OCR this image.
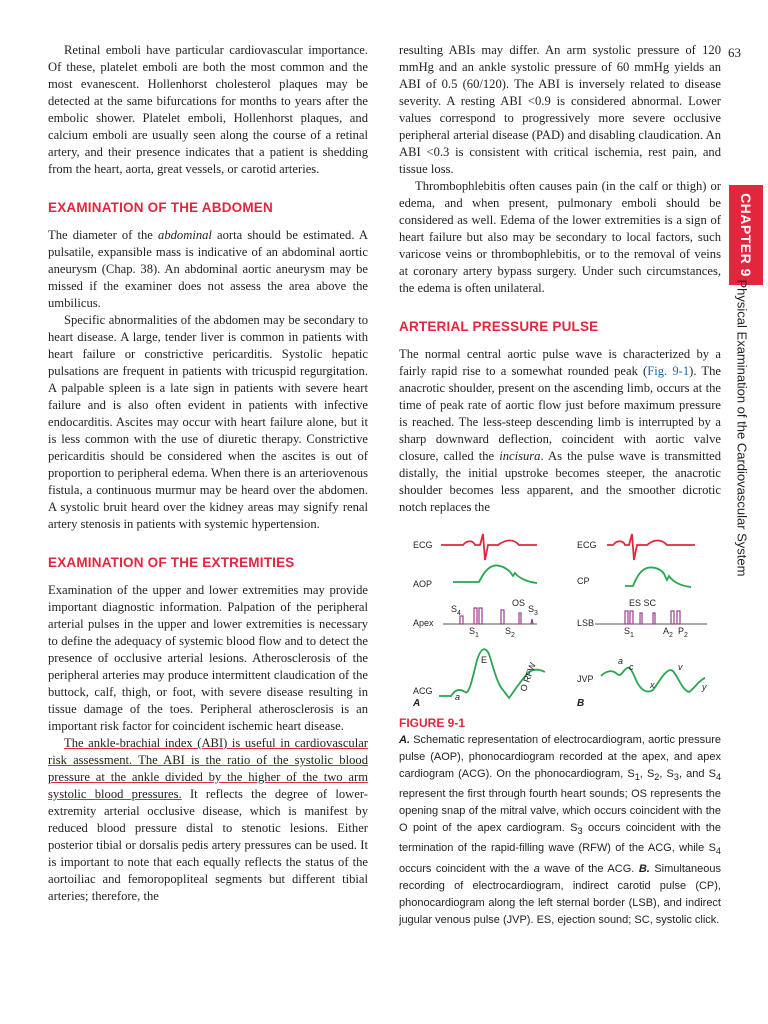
Retinal emboli have particular cardiovascular importance. Of these, platelet emboli are both the most common and the most evanescent. Hollenhorst cholesterol plaques may be detected at the same bifurcations for months to years after the embolic shower. Platelet emboli, Hollenhorst plaques, and calcium emboli are usually seen along the course of a retinal artery, and their presence indicates that a patient is shedding from the heart, aorta, great vessels, or carotid arteries.

EXAMINATION OF THE ABDOMEN

The diameter of the abdominal aorta should be estimated. A pulsatile, expansible mass is indicative of an abdominal aortic aneurysm (Chap. 38). An abdominal aortic aneurysm may be missed if the examiner does not assess the area above the umbilicus.

Specific abnormalities of the abdomen may be secondary to heart disease. A large, tender liver is common in patients with heart failure or constrictive pericarditis. Systolic hepatic pulsations are frequent in patients with tricuspid regurgitation. A palpable spleen is a late sign in patients with severe heart failure and is also often evident in patients with infective endocarditis. Ascites may occur with heart failure alone, but it is less common with the use of diuretic therapy. Constrictive pericarditis should be considered when the ascites is out of proportion to peripheral edema. When there is an arteriovenous fistula, a continuous murmur may be heard over the abdomen. A systolic bruit heard over the kidney areas may signify renal artery stenosis in patients with systemic hypertension.

EXAMINATION OF THE EXTREMITIES

Examination of the upper and lower extremities may provide important diagnostic information. Palpation of the peripheral arterial pulses in the upper and lower extremities is necessary to define the adequacy of systemic blood flow and to detect the presence of occlusive arterial lesions. Atherosclerosis of the peripheral arteries may produce intermittent claudication of the buttock, calf, thigh, or foot, with severe disease resulting in tissue damage of the toes. Peripheral atherosclerosis is an important risk factor for coincident ischemic heart disease.

The ankle-brachial index (ABI) is useful in cardiovascular risk assessment. The ABI is the ratio of the systolic blood pressure at the ankle divided by the higher of the two arm systolic blood pressures. It reflects the degree of lower-extremity arterial occlusive disease, which is manifest by reduced blood pressure distal to stenotic lesions. Either posterior tibial or dorsalis pedis artery pressures can be used. It is important to note that each equally reflects the status of the aortoiliac and femoropopliteal segments but different tibial arteries; therefore, the

resulting ABIs may differ. An arm systolic pressure of 120 mmHg and an ankle systolic pressure of 60 mmHg yields an ABI of 0.5 (60/120). The ABI is inversely related to disease severity. A resting ABI <0.9 is considered abnormal. Lower values correspond to progressively more severe occlusive peripheral arterial disease (PAD) and disabling claudication. An ABI <0.3 is consistent with critical ischemia, rest pain, and tissue loss.

Thrombophlebitis often causes pain (in the calf or thigh) or edema, and when present, pulmonary emboli should be considered as well. Edema of the lower extremities is a sign of heart failure but also may be secondary to local factors, such varicose veins or thrombophlebitis, or to the removal of veins at coronary artery bypass surgery. Under such circumstances, the edema is often unilateral.

ARTERIAL PRESSURE PULSE

The normal central aortic pulse wave is characterized by a fairly rapid rise to a somewhat rounded peak (Fig. 9-1). The anacrotic shoulder, present on the ascending limb, occurs at the time of peak rate of aortic flow just before maximum pressure is reached. The less-steep descending limb is interrupted by a sharp downward deflection, coincident with aortic valve closure, called the incisura. As the pulse wave is transmitted distally, the initial upstroke becomes steeper, the anacrotic shoulder becomes less apparent, and the smoother dicrotic notch replaces the

63
CHAPTER 9
Physical Examination of the Cardiovascular System
ECG
AOP
Apex
ACG
A
$S_4$
OS
$S_3$
$S_1$	$S_2$
E
O RFW
a
ECG
CP
ES SC
LSB
$S_1$	$A_2$ $P_2$
JVP
B
a
c	v
x	y
FIGURE 9-1
A. Schematic representation of electrocardiogram, aortic pressure pulse (AOP), phonocardiogram recorded at the apex, and apex cardiogram (ACG). On the phonocardiogram, $S_1$, $S_2$, $S_3$, and $S_4$ represent the first through fourth heart sounds; OS represents the opening snap of the mitral valve, which occurs coincident with the O point of the apex cardiogram. $S_3$ occurs coincident with the termination of the rapid-filling wave (RFW) of the ACG, while $S_4$ occurs coincident with the a wave of the ACG. B. Simultaneous recording of electrocardiogram, indirect carotid pulse (CP), phonocardiogram along the left sternal border (LSB), and indirect jugular venous pulse (JVP). ES, ejection sound; SC, systolic click.
